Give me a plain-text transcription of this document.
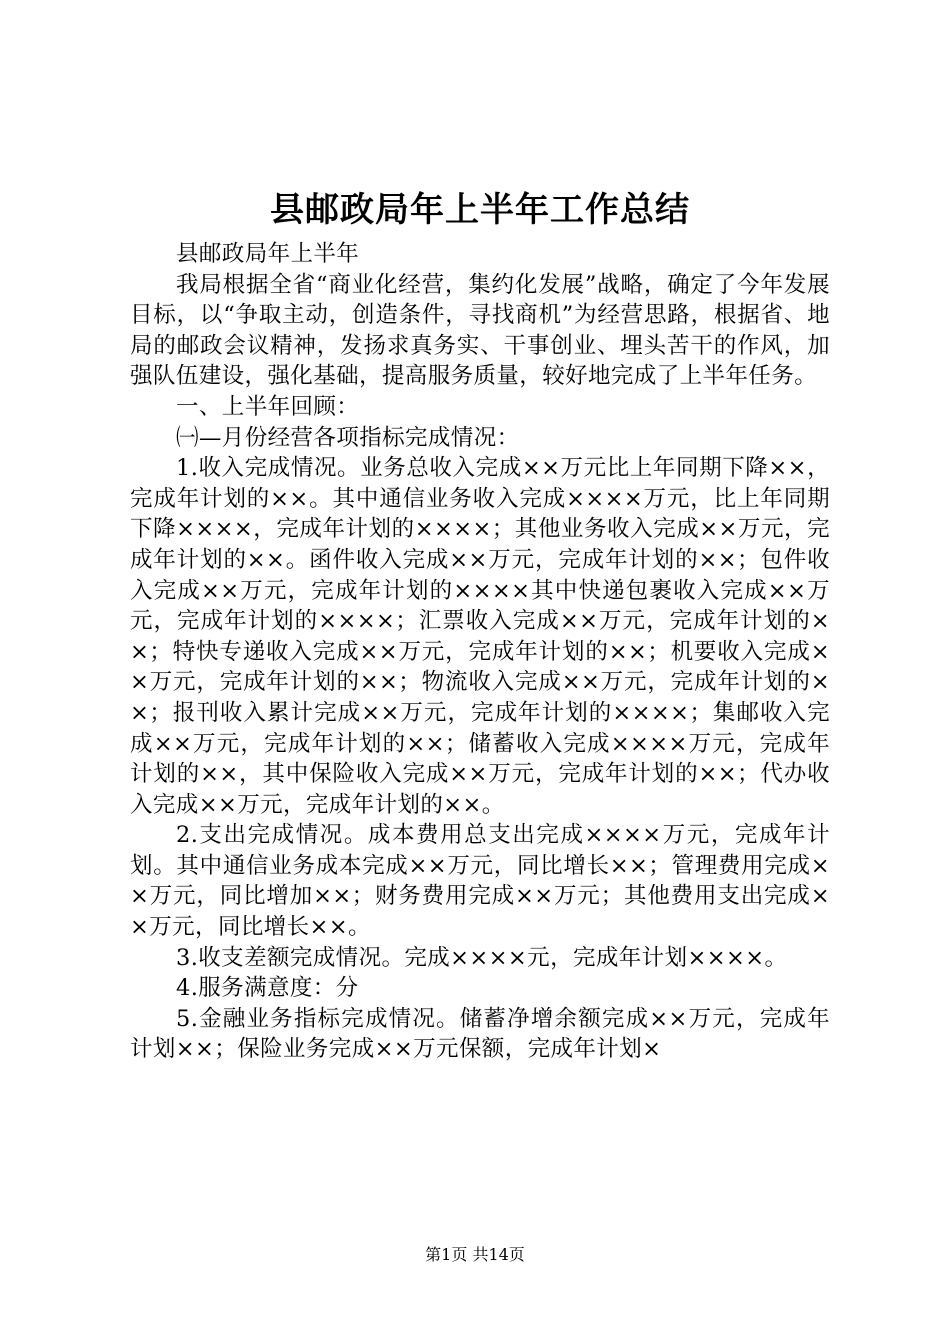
县邮政局年上半年工作总结

县邮政局年上半年

我局根据全省“商业化经营，集约化发展”战略，确定了今年发展目标，以“争取主动，创造条件，寻找商机”为经营思路，根据省、地局的邮政会议精神，发扬求真务实、干事创业、埋头苦干的作风，加强队伍建设，强化基础，提高服务质量，较好地完成了上半年任务。

一、上半年回顾：

㈠—月份经营各项指标完成情况：

1.收入完成情况。业务总收入完成××万元比上年同期下降××，完成年计划的××。其中通信业务收入完成××××万元，比上年同期下降××××，完成年计划的××××；其他业务收入完成××万元，完成年计划的××。函件收入完成××万元，完成年计划的××；包件收入完成××万元，完成年计划的××××其中快递包裹收入完成××万元，完成年计划的××××；汇票收入完成××万元，完成年计划的××；特快专递收入完成××万元，完成年计划的××；机要收入完成××万元，完成年计划的××；物流收入完成××万元，完成年计划的××；报刊收入累计完成××万元，完成年计划的××××；集邮收入完成××万元，完成年计划的××；储蓄收入完成××××万元，完成年计划的××，其中保险收入完成××万元，完成年计划的××；代办收入完成××万元，完成年计划的××。

2.支出完成情况。成本费用总支出完成××××万元，完成年计划。其中通信业务成本完成××万元，同比增长××；管理费用完成××万元，同比增加××；财务费用完成××万元；其他费用支出完成××万元，同比增长××。

3.收支差额完成情况。完成××××元，完成年计划××××。

4.服务满意度：分

5.金融业务指标完成情况。储蓄净增余额完成××万元，完成年计划××；保险业务完成××万元保额，完成年计划×

第1页 共14页
